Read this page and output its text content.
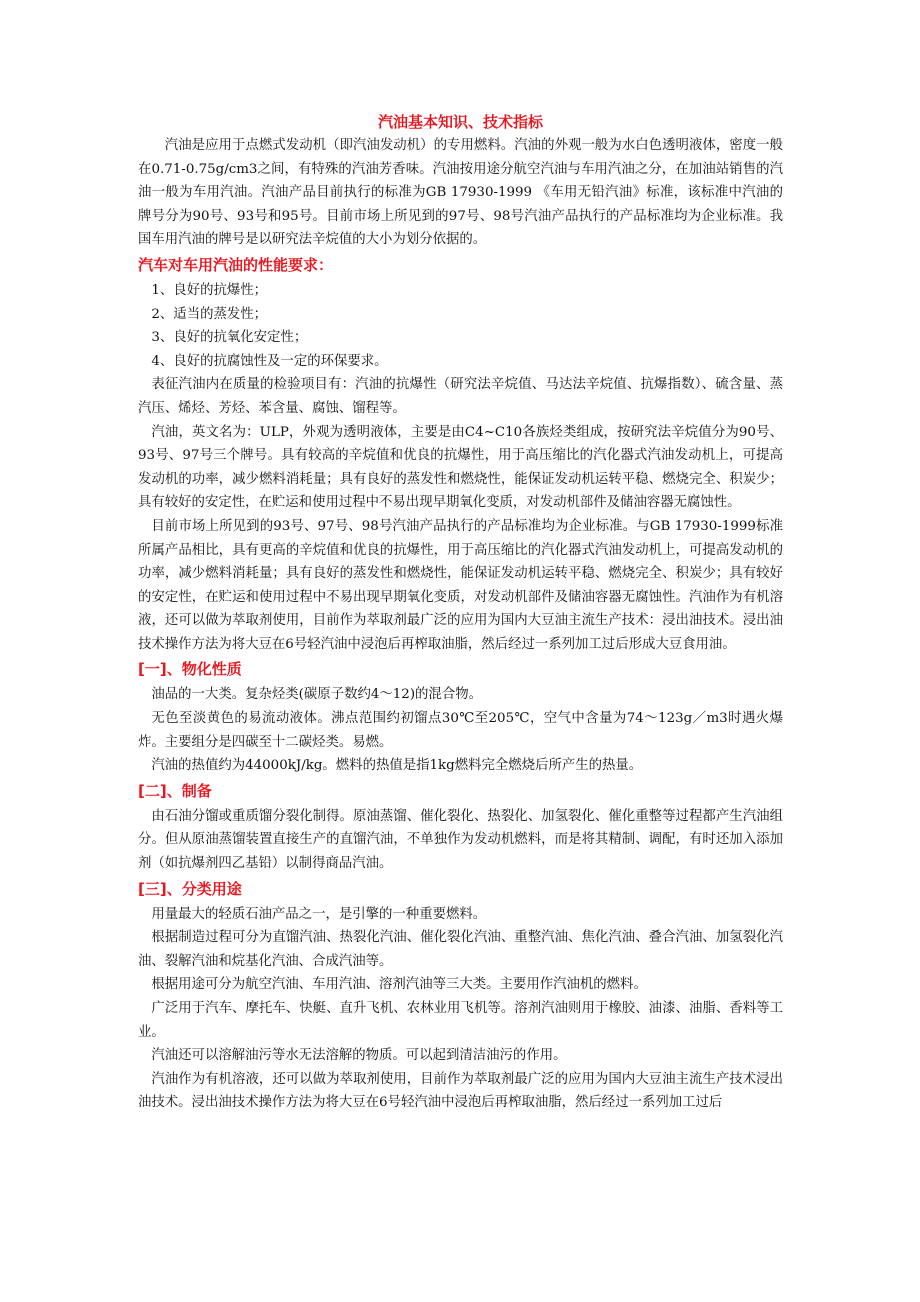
汽油基本知识、技术指标

汽油是应用于点燃式发动机（即汽油发动机）的专用燃料。汽油的外观一般为水白色透明液体，密度一般在0.71-0.75g/cm3之间，有特殊的汽油芳香味。汽油按用途分航空汽油与车用汽油之分，在加油站销售的汽油一般为车用汽油。汽油产品目前执行的标准为GB 17930-1999 《车用无铅汽油》标准，该标准中汽油的牌号分为90号、93号和95号。目前市场上所见到的97号、98号汽油产品执行的产品标准均为企业标准。我国车用汽油的牌号是以研究法辛烷值的大小为划分依据的。

汽车对车用汽油的性能要求：

1、良好的抗爆性；

2、适当的蒸发性；

3、良好的抗氧化安定性；

4、良好的抗腐蚀性及一定的环保要求。

表征汽油内在质量的检验项目有：汽油的抗爆性（研究法辛烷值、马达法辛烷值、抗爆指数）、硫含量、蒸汽压、烯烃、芳烃、苯含量、腐蚀、馏程等。

汽油，英文名为：ULP，外观为透明液体，主要是由C4~C10各族烃类组成，按研究法辛烷值分为90号、93号、97号三个牌号。具有较高的辛烷值和优良的抗爆性，用于高压缩比的汽化器式汽油发动机上，可提高发动机的功率，减少燃料消耗量；具有良好的蒸发性和燃烧性，能保证发动机运转平稳、燃烧完全、积炭少；具有较好的安定性，在贮运和使用过程中不易出现早期氧化变质，对发动机部件及储油容器无腐蚀性。

目前市场上所见到的93号、97号、98号汽油产品执行的产品标准均为企业标准。与GB 17930-1999标准所属产品相比，具有更高的辛烷值和优良的抗爆性，用于高压缩比的汽化器式汽油发动机上，可提高发动机的功率，减少燃料消耗量；具有良好的蒸发性和燃烧性，能保证发动机运转平稳、燃烧完全、积炭少；具有较好的安定性，在贮运和使用过程中不易出现早期氧化变质，对发动机部件及储油容器无腐蚀性。汽油作为有机溶液，还可以做为萃取剂使用，目前作为萃取剂最广泛的应用为国内大豆油主流生产技术：浸出油技术。浸出油技术操作方法为将大豆在6号轻汽油中浸泡后再榨取油脂，然后经过一系列加工过后形成大豆食用油。

[一]、物化性质

油品的一大类。复杂烃类(碳原子数约4～12)的混合物。

无色至淡黄色的易流动液体。沸点范围约初馏点30℃至205℃，空气中含量为74～123g／m3时遇火爆炸。主要组分是四碳至十二碳烃类。易燃。

汽油的热值约为44000kJ/kg。燃料的热值是指1kg燃料完全燃烧后所产生的热量。

[二]、制备

由石油分馏或重质馏分裂化制得。原油蒸馏、催化裂化、热裂化、加氢裂化、催化重整等过程都产生汽油组分。但从原油蒸馏装置直接生产的直馏汽油，不单独作为发动机燃料，而是将其精制、调配，有时还加入添加剂（如抗爆剂四乙基铅）以制得商品汽油。

[三]、分类用途

用量最大的轻质石油产品之一，是引擎的一种重要燃料。

根据制造过程可分为直馏汽油、热裂化汽油、催化裂化汽油、重整汽油、焦化汽油、叠合汽油、加氢裂化汽油、裂解汽油和烷基化汽油、合成汽油等。

根据用途可分为航空汽油、车用汽油、溶剂汽油等三大类。主要用作汽油机的燃料。

广泛用于汽车、摩托车、快艇、直升飞机、农林业用飞机等。溶剂汽油则用于橡胶、油漆、油脂、香料等工业。

汽油还可以溶解油污等水无法溶解的物质。可以起到清洁油污的作用。

汽油作为有机溶液，还可以做为萃取剂使用，目前作为萃取剂最广泛的应用为国内大豆油主流生产技术浸出油技术。浸出油技术操作方法为将大豆在6号轻汽油中浸泡后再榨取油脂，然后经过一系列加工过后
